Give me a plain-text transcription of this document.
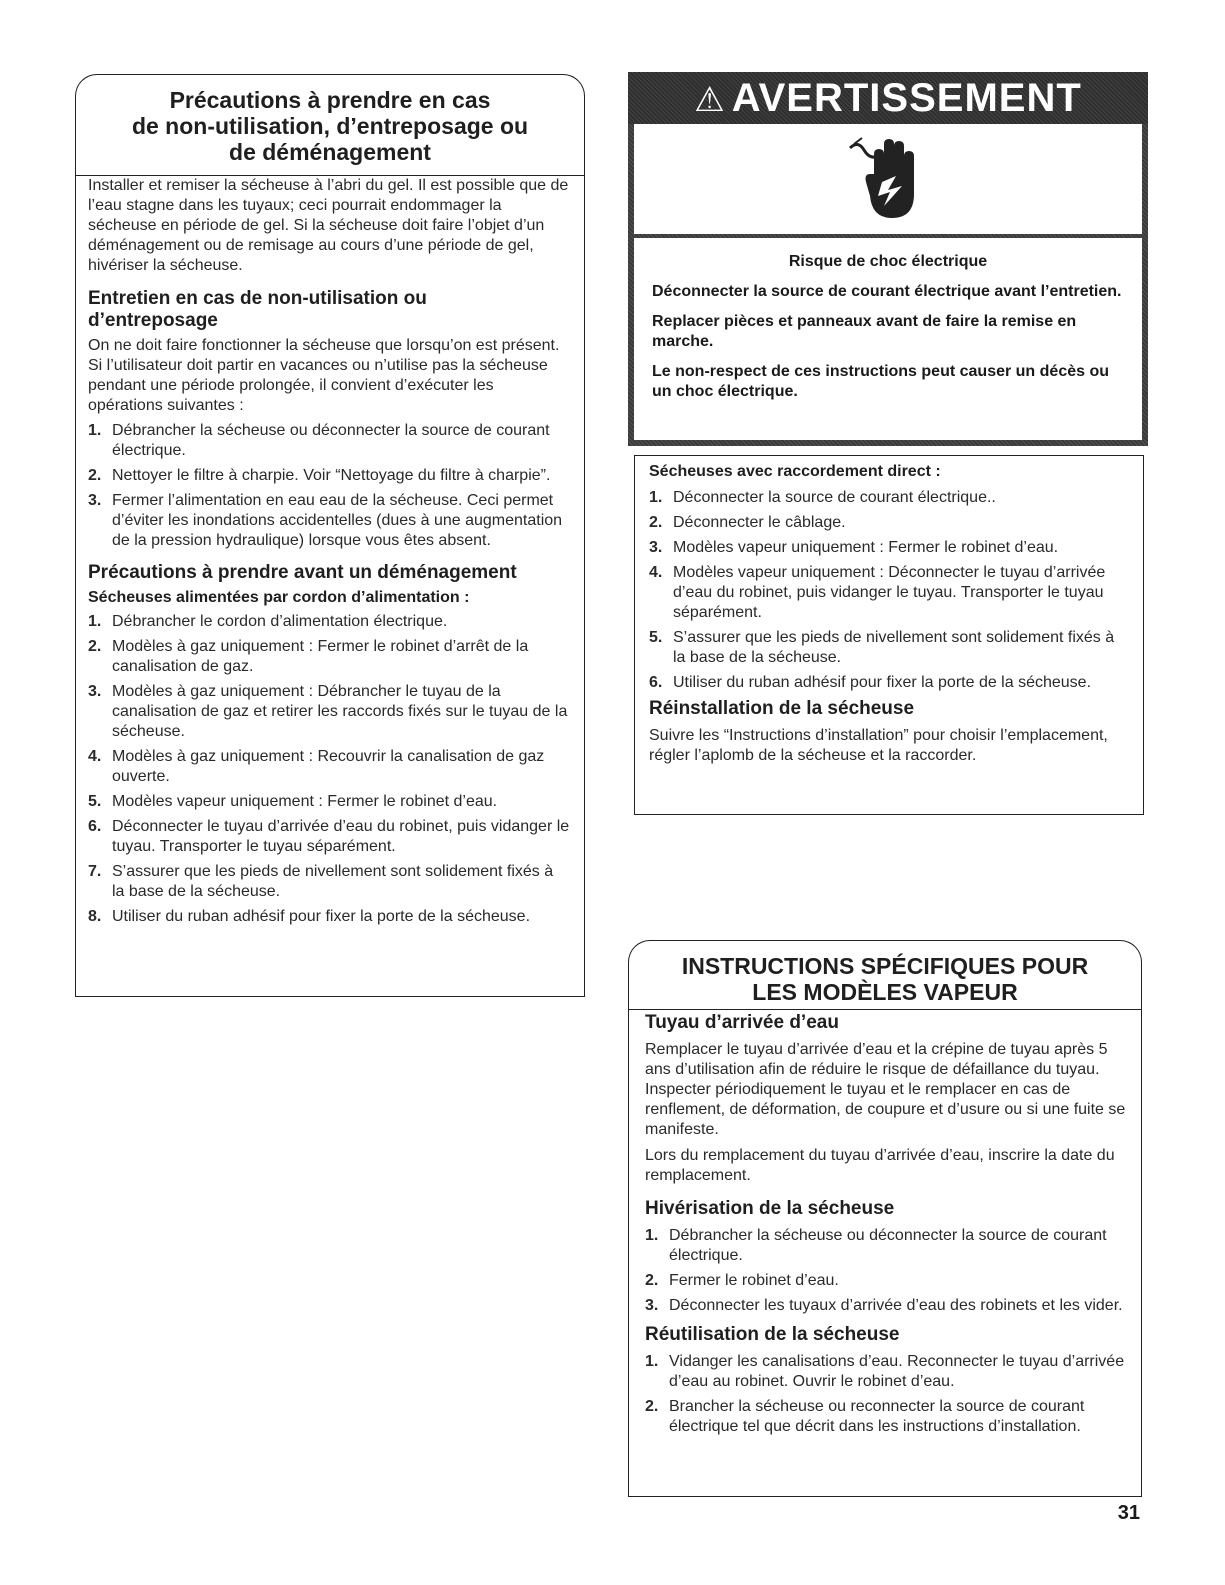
Précautions à prendre en cas
de non-utilisation, d’entreposage ou
de déménagement

Installer et remiser la sécheuse à l’abri du gel. Il est possible que de l’eau stagne dans les tuyaux; ceci pourrait endommager la sécheuse en période de gel. Si la sécheuse doit faire l’objet d’un déménagement ou de remisage au cours d’une période de gel, hivériser la sécheuse.

Entretien en cas de non-utilisation ou
d’entreposage

On ne doit faire fonctionner la sécheuse que lorsqu’on est présent. Si l’utilisateur doit partir en vacances ou n’utilise pas la sécheuse pendant une période prolongée, il convient d’exécuter les opérations suivantes :

1. Débrancher la sécheuse ou déconnecter la source de courant électrique.
2. Nettoyer le filtre à charpie. Voir “Nettoyage du filtre à charpie”.
3. Fermer l’alimentation en eau eau de la sécheuse. Ceci permet d’éviter les inondations accidentelles (dues à une augmentation de la pression hydraulique) lorsque vous êtes absent.
Précautions à prendre avant un déménagement
Sécheuses alimentées par cordon d’alimentation :
1. Débrancher le cordon d’alimentation électrique.
2. Modèles à gaz uniquement : Fermer le robinet d’arrêt de la canalisation de gaz.
3. Modèles à gaz uniquement : Débrancher le tuyau de la canalisation de gaz et retirer les raccords fixés sur le tuyau de la sécheuse.
4. Modèles à gaz uniquement : Recouvrir la canalisation de gaz ouverte.
5. Modèles vapeur uniquement : Fermer le robinet d’eau.
6. Déconnecter le tuyau d’arrivée d’eau du robinet, puis vidanger le tuyau. Transporter le tuyau séparément.
7. S’assurer que les pieds de nivellement sont solidement fixés à la base de la sécheuse.
8. Utiliser du ruban adhésif pour fixer la porte de la sécheuse.
⚠ AVERTISSEMENT
Risque de choc électrique
Déconnecter la source de courant électrique avant l’entretien.
Replacer pièces et panneaux avant de faire la remise en marche.
Le non-respect de ces instructions peut causer un décès ou un choc électrique.
Sécheuses avec raccordement direct :
1. Déconnecter la source de courant électrique..
2. Déconnecter le câblage.
3. Modèles vapeur uniquement : Fermer le robinet d’eau.
4. Modèles vapeur uniquement : Déconnecter le tuyau d’arrivée d’eau du robinet, puis vidanger le tuyau. Transporter le tuyau séparément.
5. S’assurer que les pieds de nivellement sont solidement fixés à la base de la sécheuse.
6. Utiliser du ruban adhésif pour fixer la porte de la sécheuse.
Réinstallation de la sécheuse

Suivre les “Instructions d’installation” pour choisir l’emplacement, régler l’aplomb de la sécheuse et la raccorder.

INSTRUCTIONS SPÉCIFIQUES POUR
LES MODÈLES VAPEUR
Tuyau d’arrivée d’eau

Remplacer le tuyau d’arrivée d’eau et la crépine de tuyau après 5 ans d’utilisation afin de réduire le risque de défaillance du tuyau. Inspecter périodiquement le tuyau et le remplacer en cas de renflement, de déformation, de coupure et d’usure ou si une fuite se manifeste.

Lors du remplacement du tuyau d’arrivée d’eau, inscrire la date du remplacement.

Hivérisation de la sécheuse
1. Débrancher la sécheuse ou déconnecter la source de courant électrique.
2. Fermer le robinet d’eau.
3. Déconnecter les tuyaux d’arrivée d’eau des robinets et les vider.
Réutilisation de la sécheuse
1. Vidanger les canalisations d’eau. Reconnecter le tuyau d’arrivée d’eau au robinet. Ouvrir le robinet d’eau.
2. Brancher la sécheuse ou reconnecter la source de courant électrique tel que décrit dans les instructions d’installation.
31
